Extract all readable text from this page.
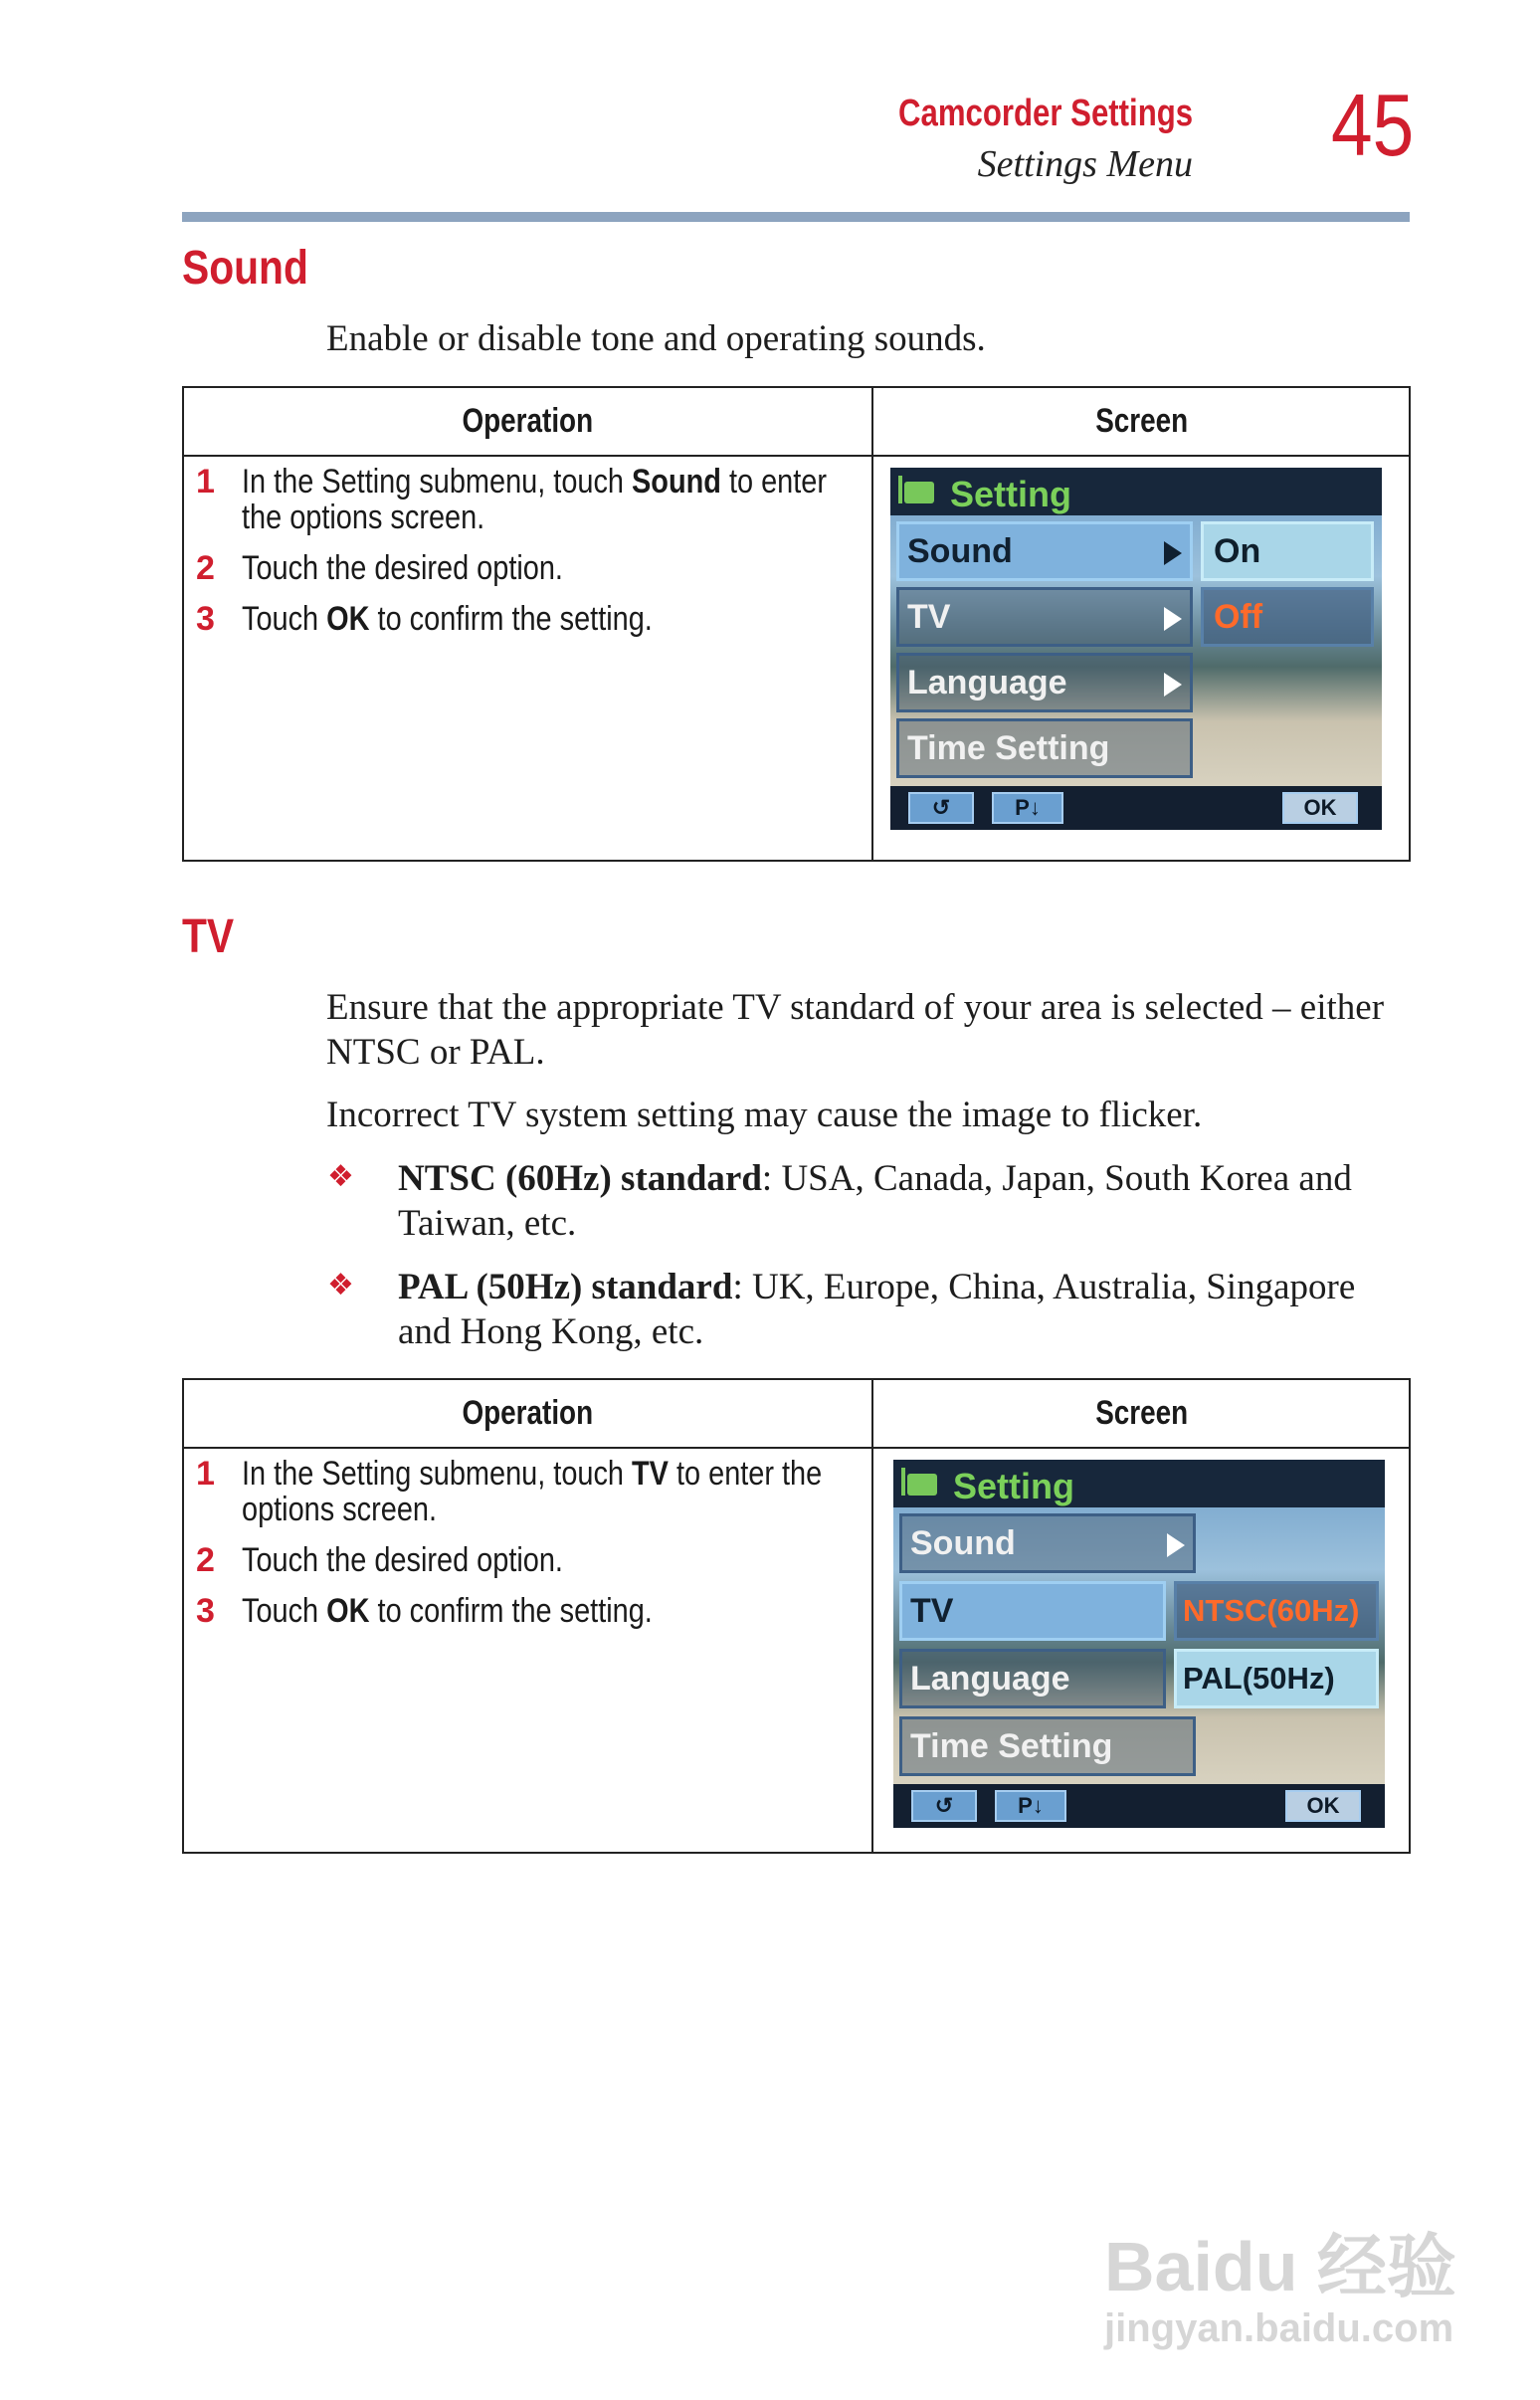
Camcorder Settings
Settings Menu 45
Sound
Enable or disable tone and operating sounds.
Operation	Screen
1 In the Setting submenu, touch Sound to enter the options screen.
2 Touch the desired option.
3 Touch OK to confirm the setting.
Setting
Sound
TV
Language
Time Setting
On
Off
↺	P↓	OK
TV
Ensure that the appropriate TV standard of your area is selected – either NTSC or PAL.
Incorrect TV system setting may cause the image to flicker.
❖ NTSC (60Hz) standard: USA, Canada, Japan, South Korea and Taiwan, etc.
❖ PAL (50Hz) standard: UK, Europe, China, Australia, Singapore and Hong Kong, etc.
Operation	Screen
1 In the Setting submenu, touch TV to enter the options screen.
2 Touch the desired option.
3 Touch OK to confirm the setting.
Setting
Sound
TV
Language
Time Setting
NTSC(60Hz)
PAL(50Hz)
↺	P↓	OK
Baidu 经验
jingyan.baidu.com
